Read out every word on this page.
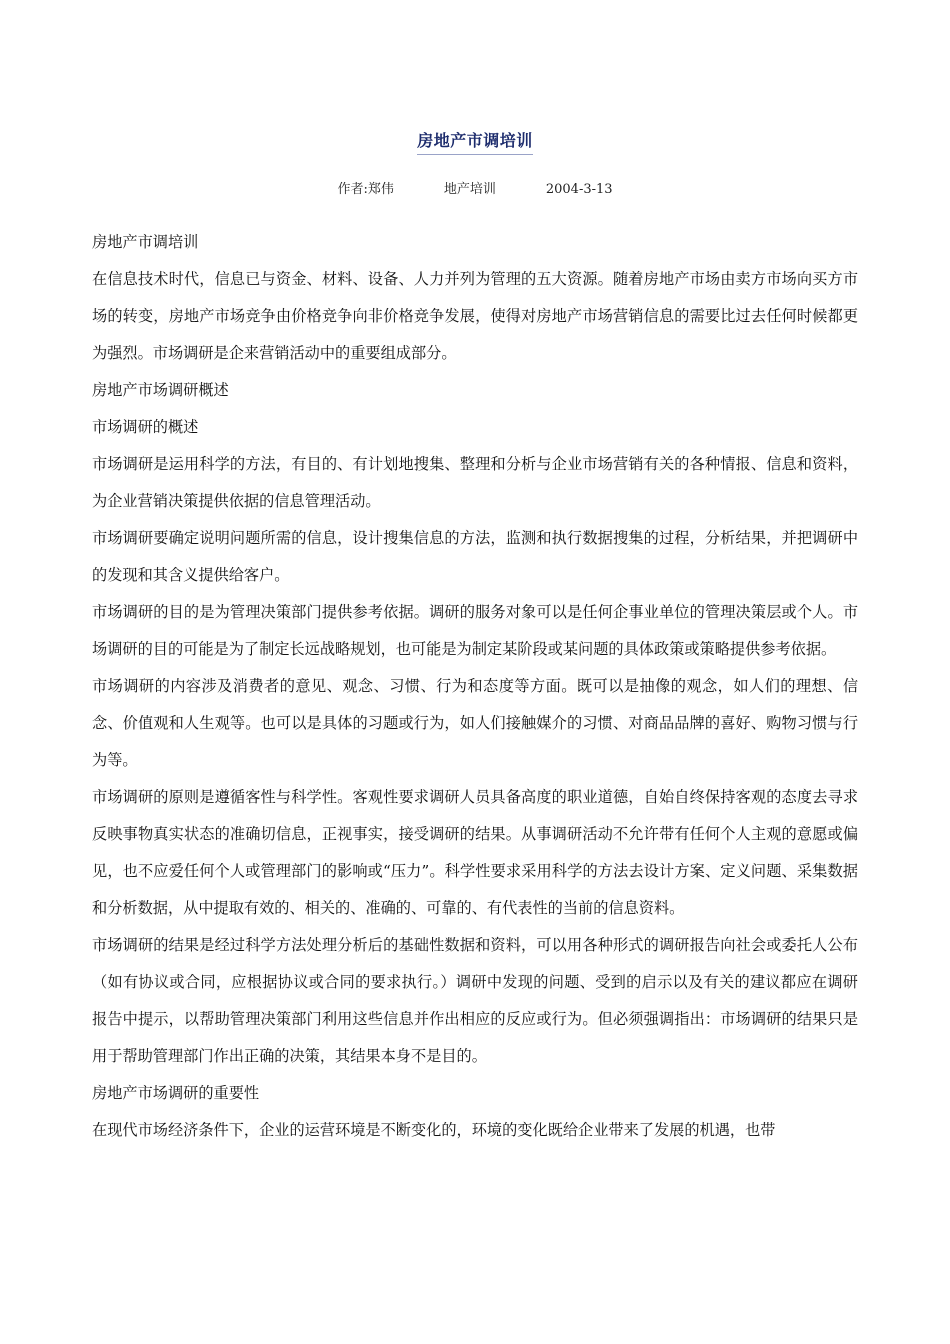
房地产市调培训
作者:郑伟	地产培训	2004-3-13

房地产市调培训

在信息技术时代，信息已与资金、材料、设备、人力并列为管理的五大资源。随着房地产市场由卖方市场向买方市场的转变，房地产市场竞争由价格竞争向非价格竞争发展，使得对房地产市场营销信息的需要比过去任何时候都更为强烈。市场调研是企来营销活动中的重要组成部分。

房地产市场调研概述

市场调研的概述

市场调研是运用科学的方法，有目的、有计划地搜集、整理和分析与企业市场营销有关的各种情报、信息和资料，为企业营销决策提供依据的信息管理活动。

市场调研要确定说明问题所需的信息，设计搜集信息的方法，监测和执行数据搜集的过程，分析结果，并把调研中的发现和其含义提供给客户。

市场调研的目的是为管理决策部门提供参考依据。调研的服务对象可以是任何企事业单位的管理决策层或个人。市场调研的目的可能是为了制定长远战略规划，也可能是为制定某阶段或某问题的具体政策或策略提供参考依据。

市场调研的内容涉及消费者的意见、观念、习惯、行为和态度等方面。既可以是抽像的观念，如人们的理想、信念、价值观和人生观等。也可以是具体的习题或行为，如人们接触媒介的习惯、对商品品牌的喜好、购物习惯与行为等。

市场调研的原则是遵循客性与科学性。客观性要求调研人员具备高度的职业道德，自始自终保持客观的态度去寻求反映事物真实状态的准确切信息，正视事实，接受调研的结果。从事调研活动不允许带有任何个人主观的意愿或偏见，也不应爱任何个人或管理部门的影响或“压力”。科学性要求采用科学的方法去设计方案、定义问题、采集数据和分析数据，从中提取有效的、相关的、准确的、可靠的、有代表性的当前的信息资料。

市场调研的结果是经过科学方法处理分析后的基础性数据和资料，可以用各种形式的调研报告向社会或委托人公布（如有协议或合同，应根据协议或合同的要求执行。）调研中发现的问题、受到的启示以及有关的建议都应在调研报告中提示，以帮助管理决策部门利用这些信息并作出相应的反应或行为。但必须强调指出：市场调研的结果只是用于帮助管理部门作出正确的决策，其结果本身不是目的。

房地产市场调研的重要性

在现代市场经济条件下，企业的运营环境是不断变化的，环境的变化既给企业带来了发展的机遇，也带
